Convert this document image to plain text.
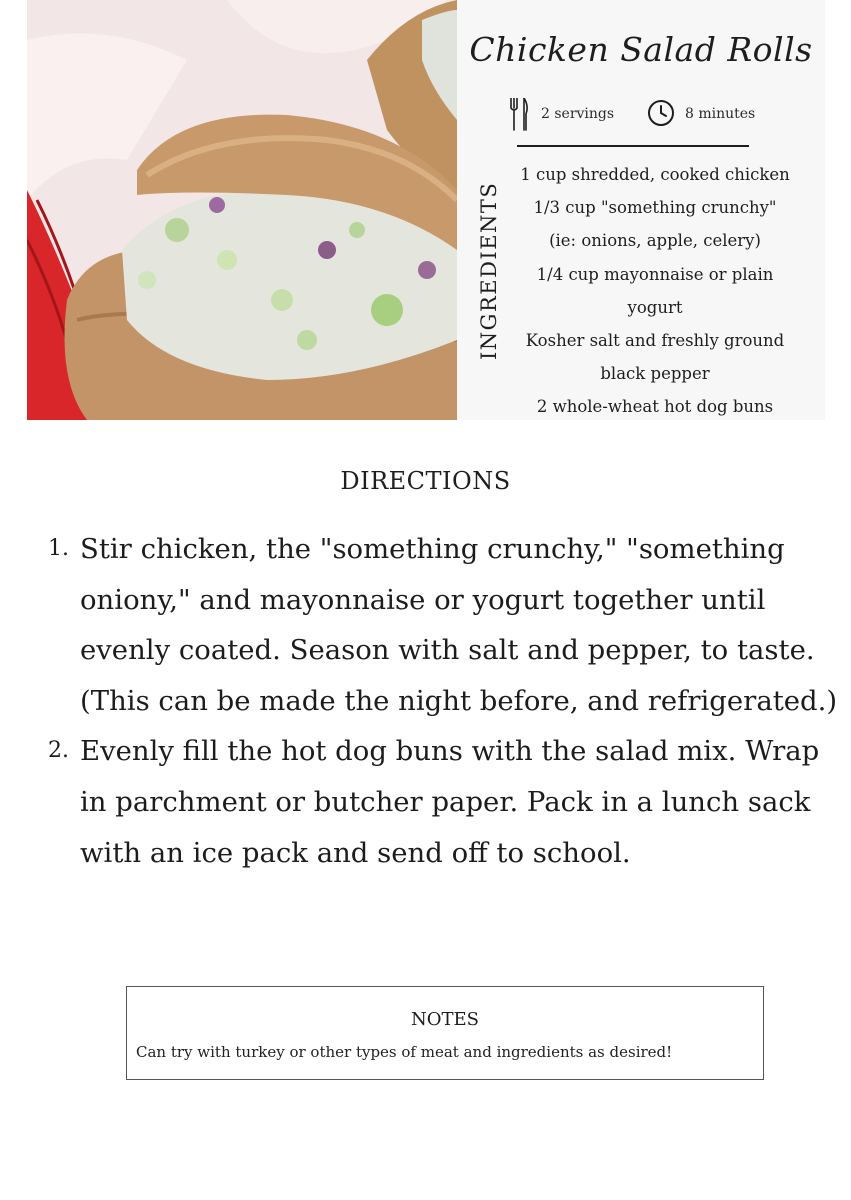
Chicken Salad Rolls
2 servings	8 minutes
INGREDIENTS
1 cup shredded, cooked chicken
1/3 cup "something crunchy"
(ie: onions, apple, celery)
1/4 cup mayonnaise or plain
yogurt
Kosher salt and freshly ground
black pepper
2 whole-wheat hot dog buns
DIRECTIONS
1. Stir chicken, the "something crunchy," "something oniony," and mayonnaise or yogurt together until evenly coated. Season with salt and pepper, to taste. (This can be made the night before, and refrigerated.)
2. Evenly fill the hot dog buns with the salad mix. Wrap in parchment or butcher paper. Pack in a lunch sack with an ice pack and send off to school.
NOTES
Can try with turkey or other types of meat and ingredients as desired!
